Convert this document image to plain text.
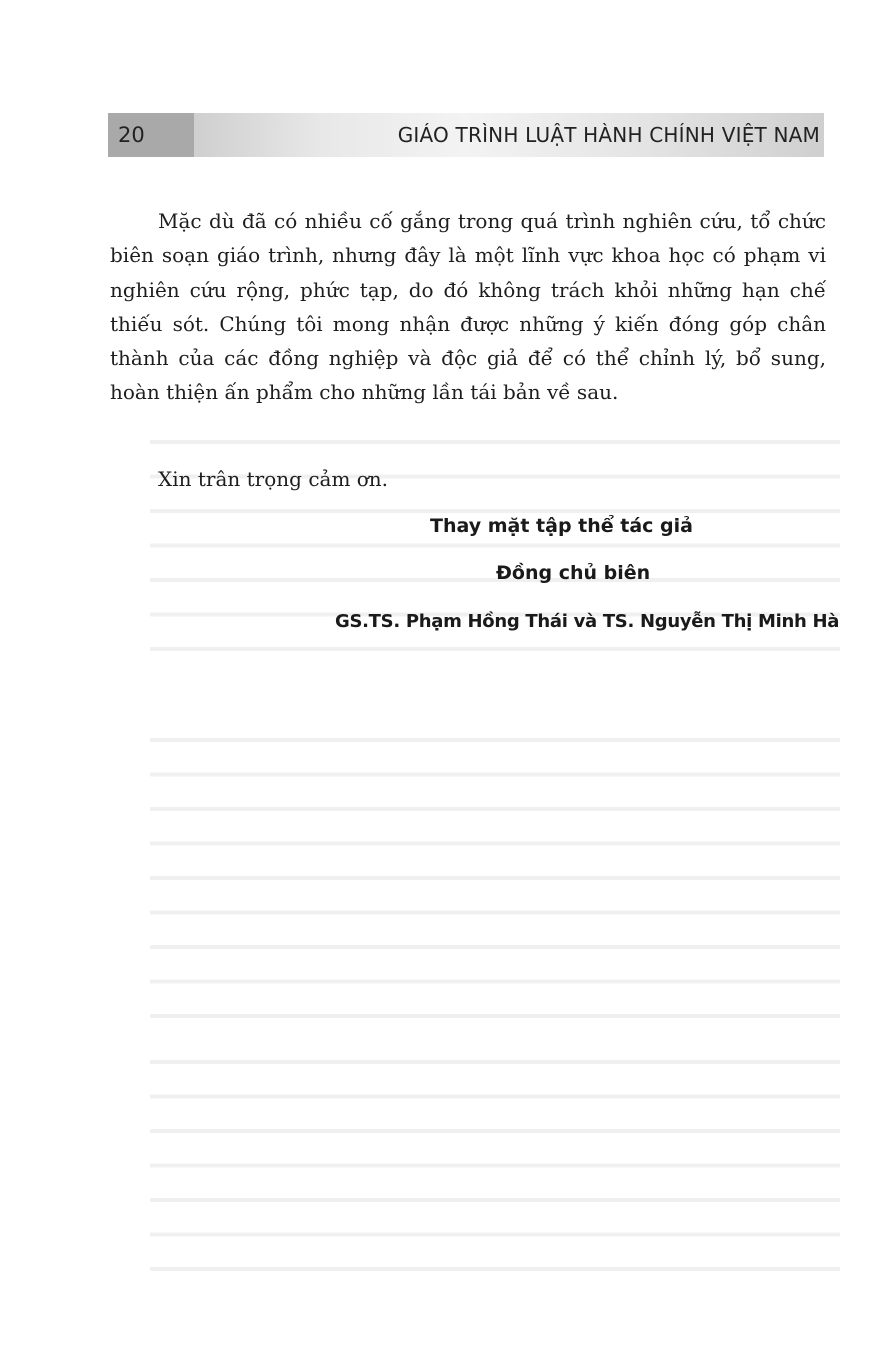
20	GIÁO TRÌNH LUẬT HÀNH CHÍNH VIỆT NAM

Mặc dù đã có nhiều cố gắng trong quá trình nghiên cứu, tổ chức biên soạn giáo trình, nhưng đây là một lĩnh vực khoa học có phạm vi nghiên cứu rộng, phức tạp, do đó không trách khỏi những hạn chế thiếu sót. Chúng tôi mong nhận được những ý kiến đóng góp chân thành của các đồng nghiệp và độc giả để có thể chỉnh lý, bổ sung, hoàn thiện ấn phẩm cho những lần tái bản về sau.

Xin trân trọng cảm ơn.

Thay mặt tập thể tác giả
Đồng chủ biên
GS.TS. Phạm Hồng Thái và TS. Nguyễn Thị Minh Hà
